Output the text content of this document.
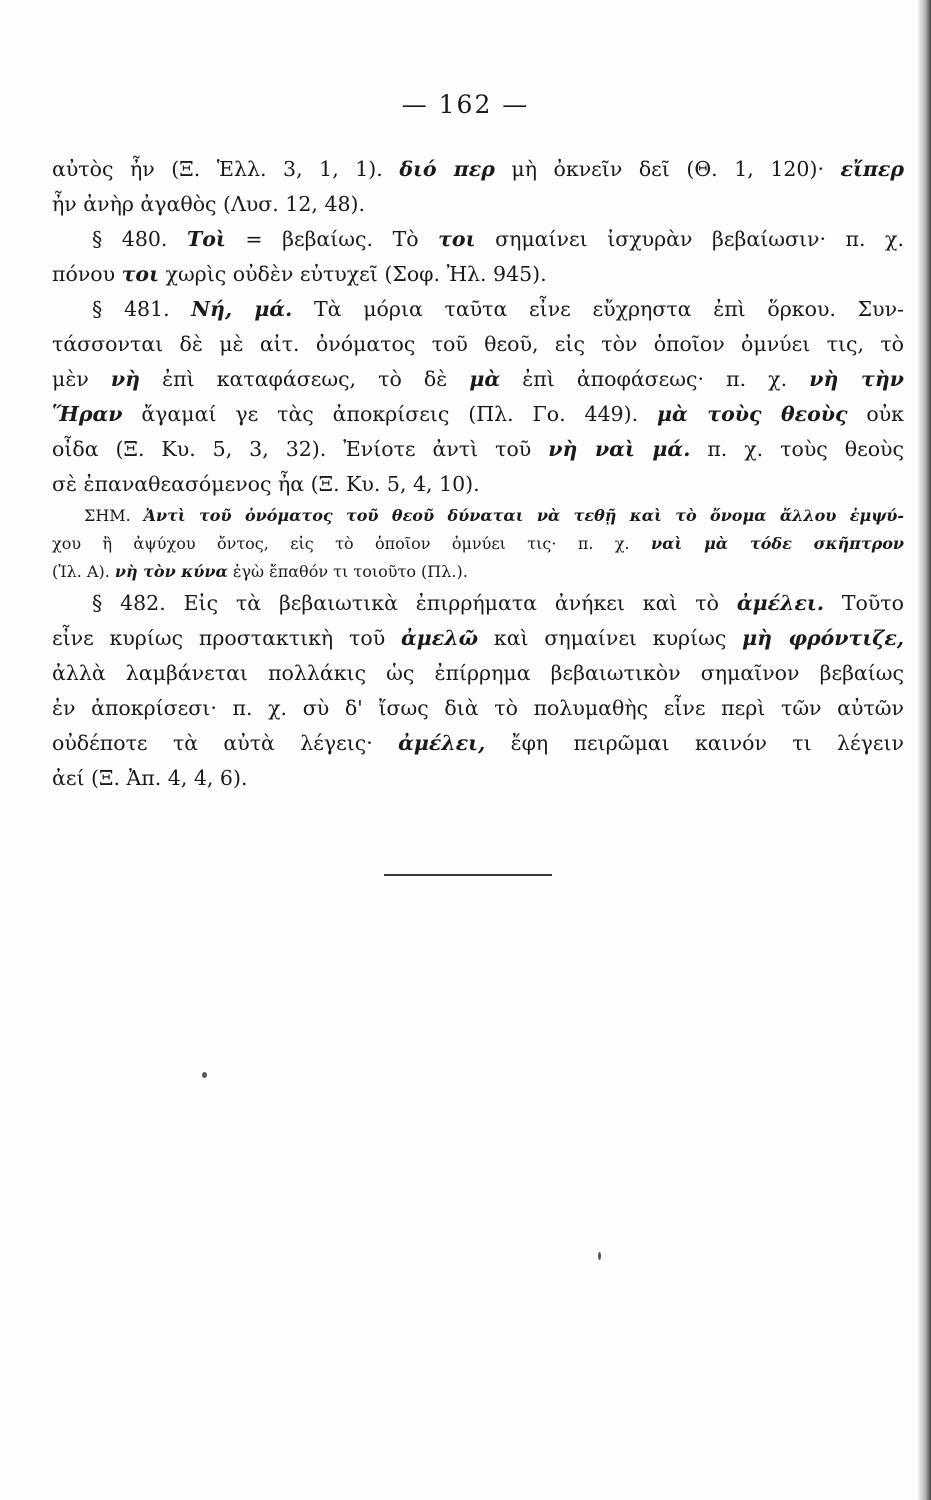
— 162 —
αὐτὸς ἦν (Ξ. Ἑλλ. 3, 1, 1). διό περ μὴ ὀκνεῖν δεῖ (Θ. 1, 120)· εἴπερ
ἦν ἀνὴρ ἀγαθὸς (Λυσ. 12, 48).
§ 480. Τοὶ = βεβαίως. Τὸ τοι σημαίνει ἰσχυρὰν βεβαίωσιν· π. χ.
πόνου τοι χωρὶς οὐδὲν εὐτυχεῖ (Σοφ. Ἠλ. 945).
§ 481. Νή, μά. Τὰ μόρια ταῦτα εἶνε εὔχρηστα ἐπὶ ὅρκου. Συν-
τάσσονται δὲ μὲ αἰτ. ὀνόματος τοῦ θεοῦ, εἰς τὸν ὁποῖον ὀμνύει τις, τὸ
μὲν νὴ ἐπὶ καταφάσεως, τὸ δὲ μὰ ἐπὶ ἀποφάσεως· π. χ. νὴ τὴν
Ἥραν ἄγαμαί γε τὰς ἀποκρίσεις (Πλ. Γο. 449). μὰ τοὺς θεοὺς οὐκ
οἶδα (Ξ. Κυ. 5, 3, 32). Ἐνίοτε ἀντὶ τοῦ νὴ ναὶ μά. π. χ. τοὺς θεοὺς
σὲ ἐπαναθεασόμενος ἦα (Ξ. Κυ. 5, 4, 10).
ΣΗΜ. Ἀντὶ τοῦ ὀνόματος τοῦ θεοῦ δύναται νὰ τεθῇ καὶ τὸ ὄνομα ἄλλου ἐμψύ-
χου ἢ ἀψύχου ὄντος, εἰς τὸ ὁποῖον ὀμνύει τις· π. χ. ναὶ μὰ τόδε σκῆπτρον
(Ἰλ. Α). νὴ τὸν κύνα ἐγὼ ἔπαθόν τι τοιοῦτο (Πλ.).
§ 482. Εἰς τὰ βεβαιωτικὰ ἐπιρρήματα ἀνήκει καὶ τὸ ἀμέλει. Τοῦτο
εἶνε κυρίως προστακτικὴ τοῦ ἀμελῶ καὶ σημαίνει κυρίως μὴ φρόντιζε,
ἀλλὰ λαμβάνεται πολλάκις ὡς ἐπίρρημα βεβαιωτικὸν σημαῖνον βεβαίως
ἐν ἀποκρίσεσι· π. χ. σὺ δ' ἴσως διὰ τὸ πολυμαθὴς εἶνε περὶ τῶν αὐτῶν
οὐδέποτε τὰ αὐτὰ λέγεις· ἀμέλει, ἔφη πειρῶμαι καινόν τι λέγειν
ἀεί (Ξ. Ἀπ. 4, 4, 6).
